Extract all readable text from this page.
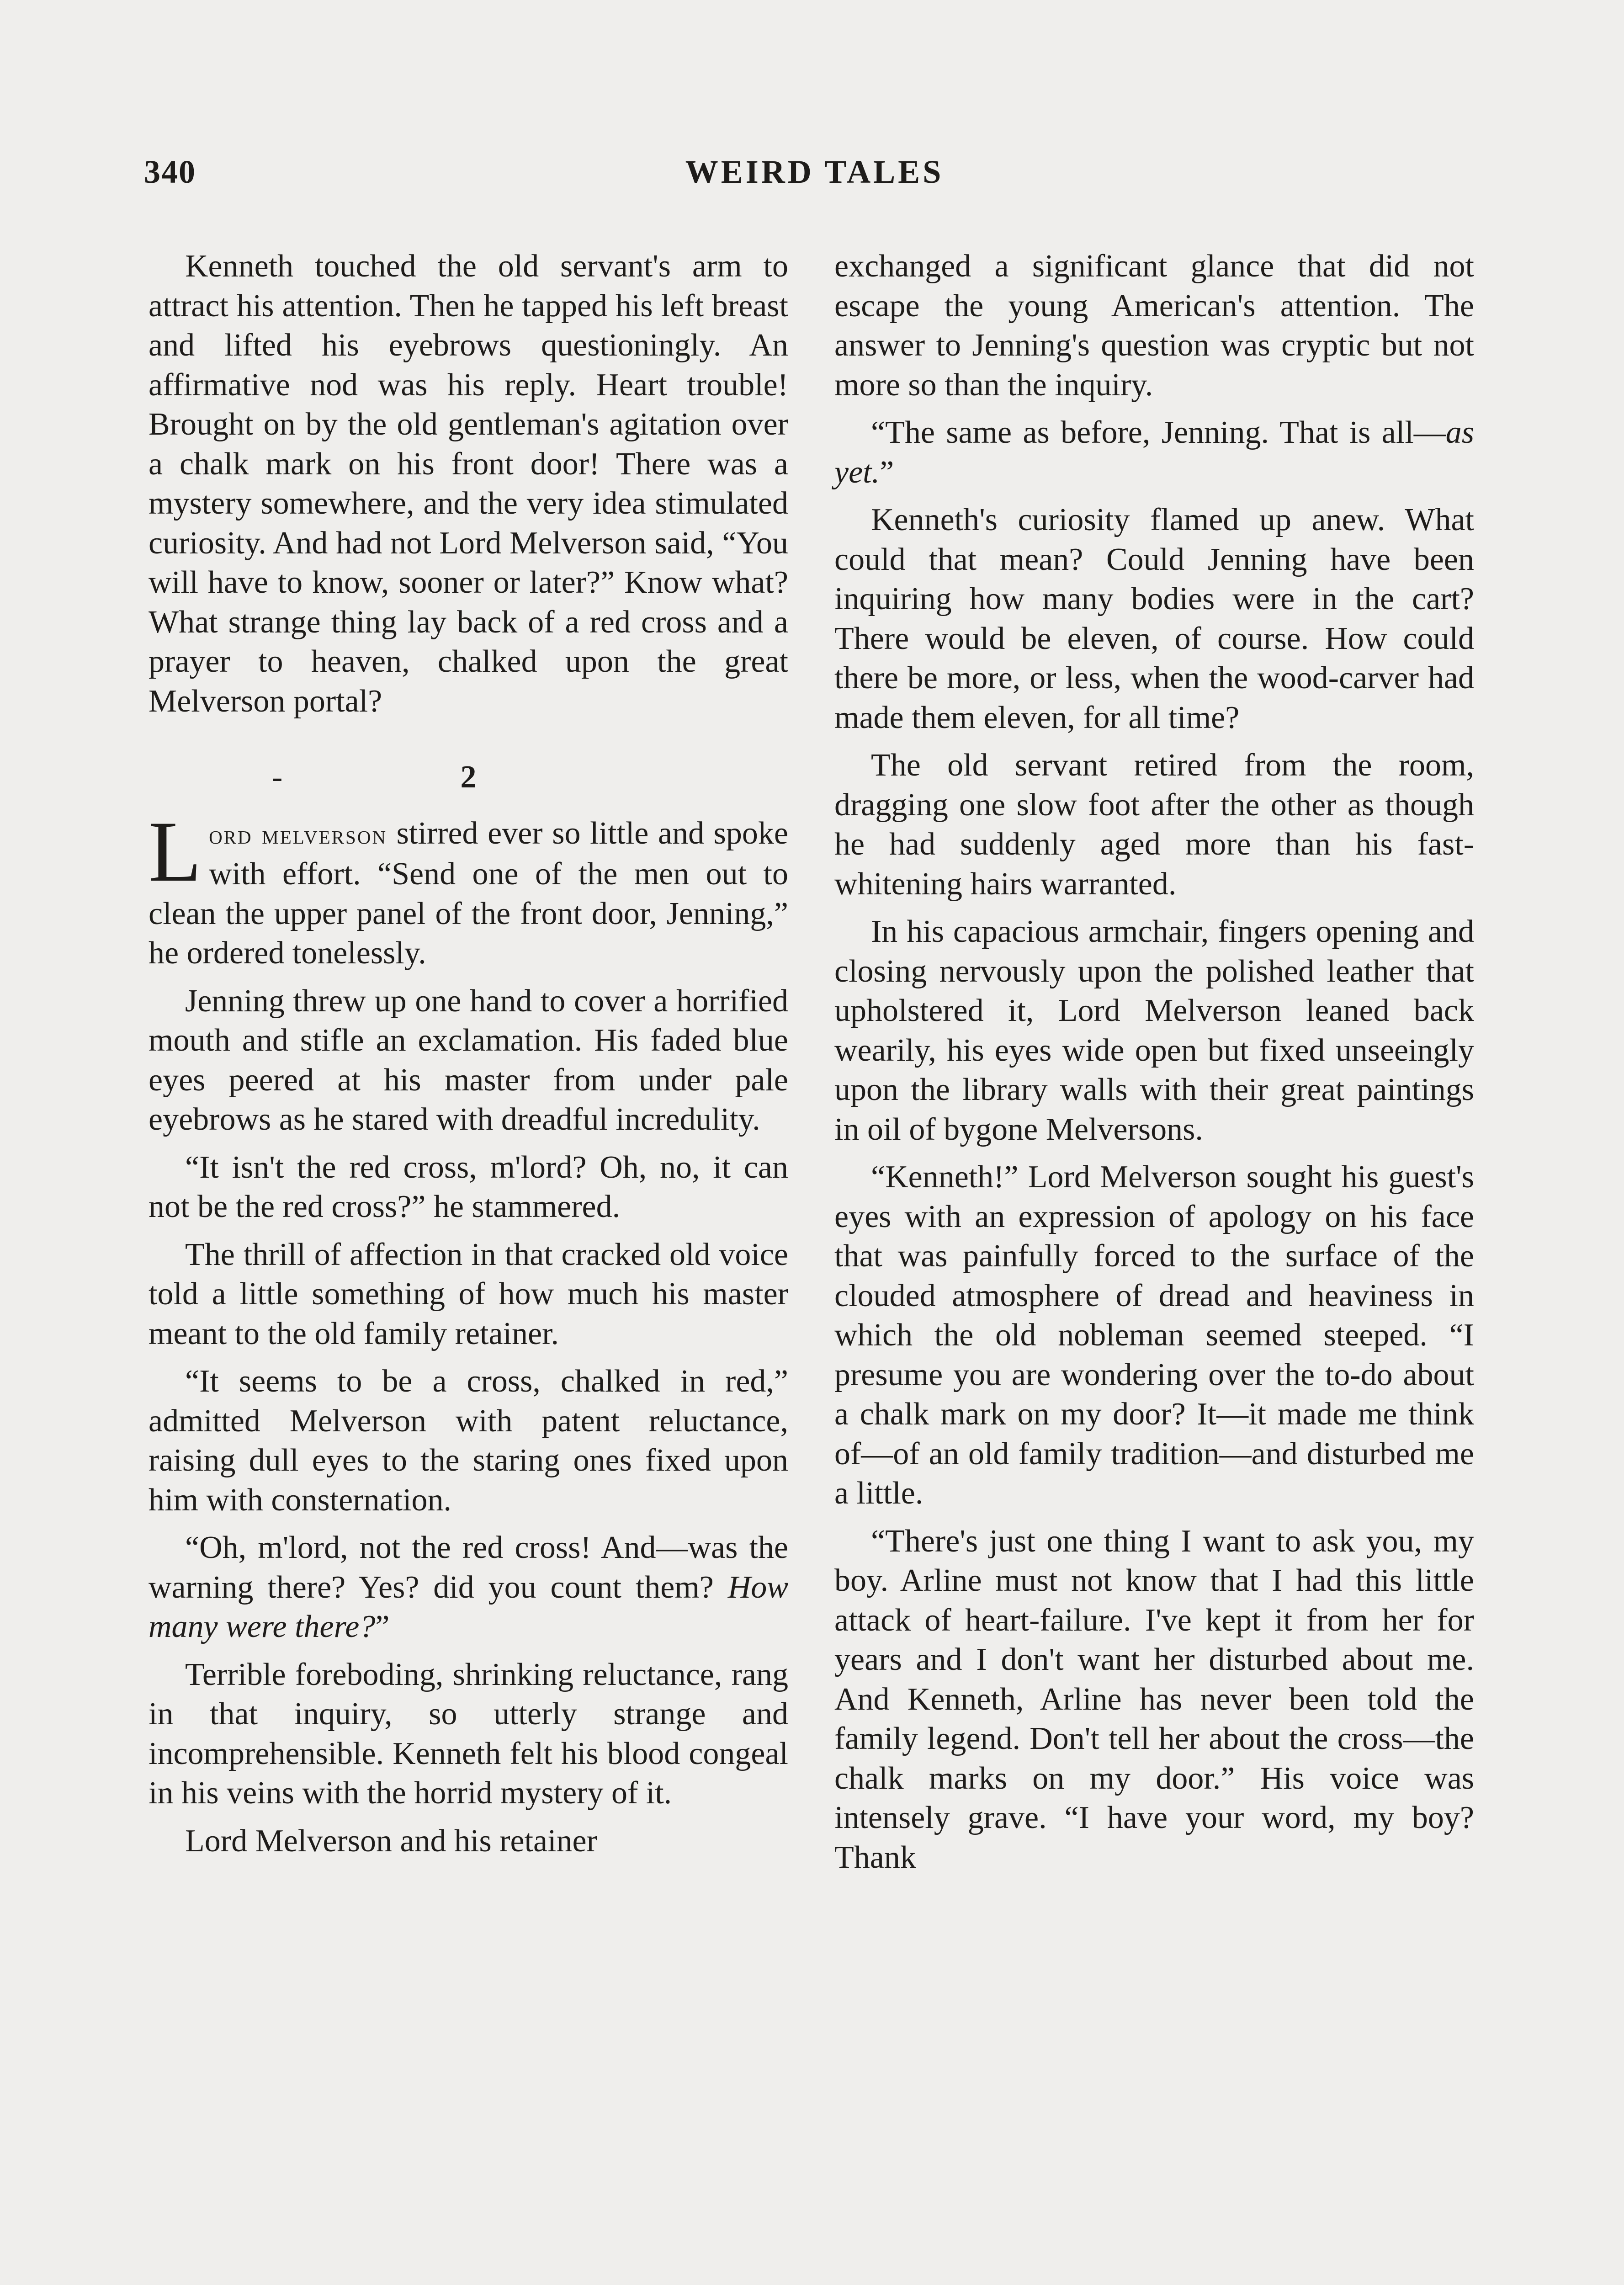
340	WEIRD TALES

Kenneth touched the old servant's arm to attract his attention. Then he tapped his left breast and lifted his eyebrows questioningly. An affirmative nod was his reply. Heart trouble! Brought on by the old gentleman's agitation over a chalk mark on his front door! There was a mystery somewhere, and the very idea stimulated curiosity. And had not Lord Melverson said, “You will have to know, sooner or later?” Know what? What strange thing lay back of a red cross and a prayer to heaven, chalked upon the great Melverson portal?

-	2

Lord melverson stirred ever so little and spoke with effort. “Send one of the men out to clean the upper panel of the front door, Jenning,” he ordered tonelessly.

Jenning threw up one hand to cover a horrified mouth and stifle an exclamation. His faded blue eyes peered at his master from under pale eyebrows as he stared with dreadful incredulity.

“It isn't the red cross, m'lord? Oh, no, it can not be the red cross?” he stammered.

The thrill of affection in that cracked old voice told a little something of how much his master meant to the old family retainer.

“It seems to be a cross, chalked in red,” admitted Melverson with patent reluctance, raising dull eyes to the staring ones fixed upon him with consternation.

“Oh, m'lord, not the red cross! And—was the warning there? Yes? did you count them? How many were there?”

Terrible foreboding, shrinking reluctance, rang in that inquiry, so utterly strange and incomprehensible. Kenneth felt his blood congeal in his veins with the horrid mystery of it.

Lord Melverson and his retainer

exchanged a significant glance that did not escape the young American's attention. The answer to Jenning's question was cryptic but not more so than the inquiry.

“The same as before, Jenning. That is all—as yet.”

Kenneth's curiosity flamed up anew. What could that mean? Could Jenning have been inquiring how many bodies were in the cart? There would be eleven, of course. How could there be more, or less, when the wood-carver had made them eleven, for all time?

The old servant retired from the room, dragging one slow foot after the other as though he had suddenly aged more than his fast-whitening hairs warranted.

In his capacious armchair, fingers opening and closing nervously upon the polished leather that upholstered it, Lord Melverson leaned back wearily, his eyes wide open but fixed unseeingly upon the library walls with their great paintings in oil of bygone Melversons.

“Kenneth!” Lord Melverson sought his guest's eyes with an expression of apology on his face that was painfully forced to the surface of the clouded atmosphere of dread and heaviness in which the old nobleman seemed steeped. “I presume you are wondering over the to-do about a chalk mark on my door? It—it made me think of—of an old family tradition—and disturbed me a little.

“There's just one thing I want to ask you, my boy. Arline must not know that I had this little attack of heart-failure. I've kept it from her for years and I don't want her disturbed about me. And Kenneth, Arline has never been told the family legend. Don't tell her about the cross—the chalk marks on my door.” His voice was intensely grave. “I have your word, my boy? Thank
